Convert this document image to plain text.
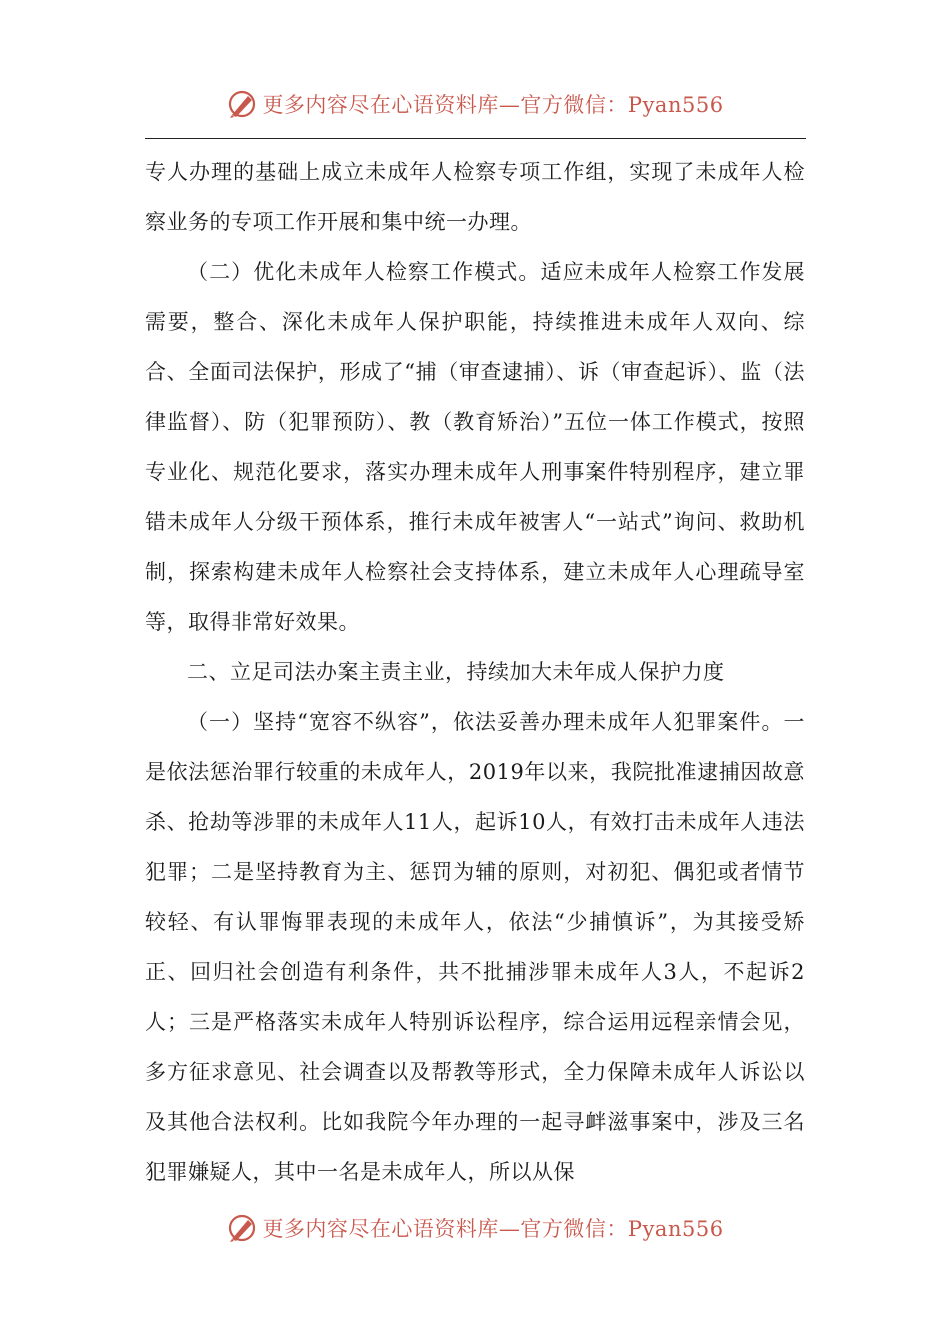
更多内容尽在心语资料库—官方微信：Pyan556

专人办理的基础上成立未成年人检察专项工作组，实现了未成年人检察业务的专项工作开展和集中统一办理。

（二）优化未成年人检察工作模式。适应未成年人检察工作发展需要，整合、深化未成年人保护职能，持续推进未成年人双向、综合、全面司法保护，形成了“捕（审查逮捕）、诉（审查起诉）、监（法律监督）、防（犯罪预防）、教（教育矫治）”五位一体工作模式，按照专业化、规范化要求，落实办理未成年人刑事案件特别程序，建立罪错未成年人分级干预体系，推行未成年被害人“一站式”询问、救助机制，探索构建未成年人检察社会支持体系，建立未成年人心理疏导室等，取得非常好效果。

二、立足司法办案主责主业，持续加大未年成人保护力度

（一）坚持“宽容不纵容”，依法妥善办理未成年人犯罪案件。一是依法惩治罪行较重的未成年人，2019年以来，我院批准逮捕因故意杀、抢劫等涉罪的未成年人11人，起诉10人，有效打击未成年人违法犯罪；二是坚持教育为主、惩罚为辅的原则，对初犯、偶犯或者情节较轻、有认罪悔罪表现的未成年人，依法“少捕慎诉”，为其接受矫正、回归社会创造有利条件，共不批捕涉罪未成年人3人，不起诉2人；三是严格落实未成年人特别诉讼程序，综合运用远程亲情会见，多方征求意见、社会调查以及帮教等形式，全力保障未成年人诉讼以及其他合法权利。比如我院今年办理的一起寻衅滋事案中，涉及三名犯罪嫌疑人，其中一名是未成年人，所以从保

更多内容尽在心语资料库—官方微信：Pyan556
